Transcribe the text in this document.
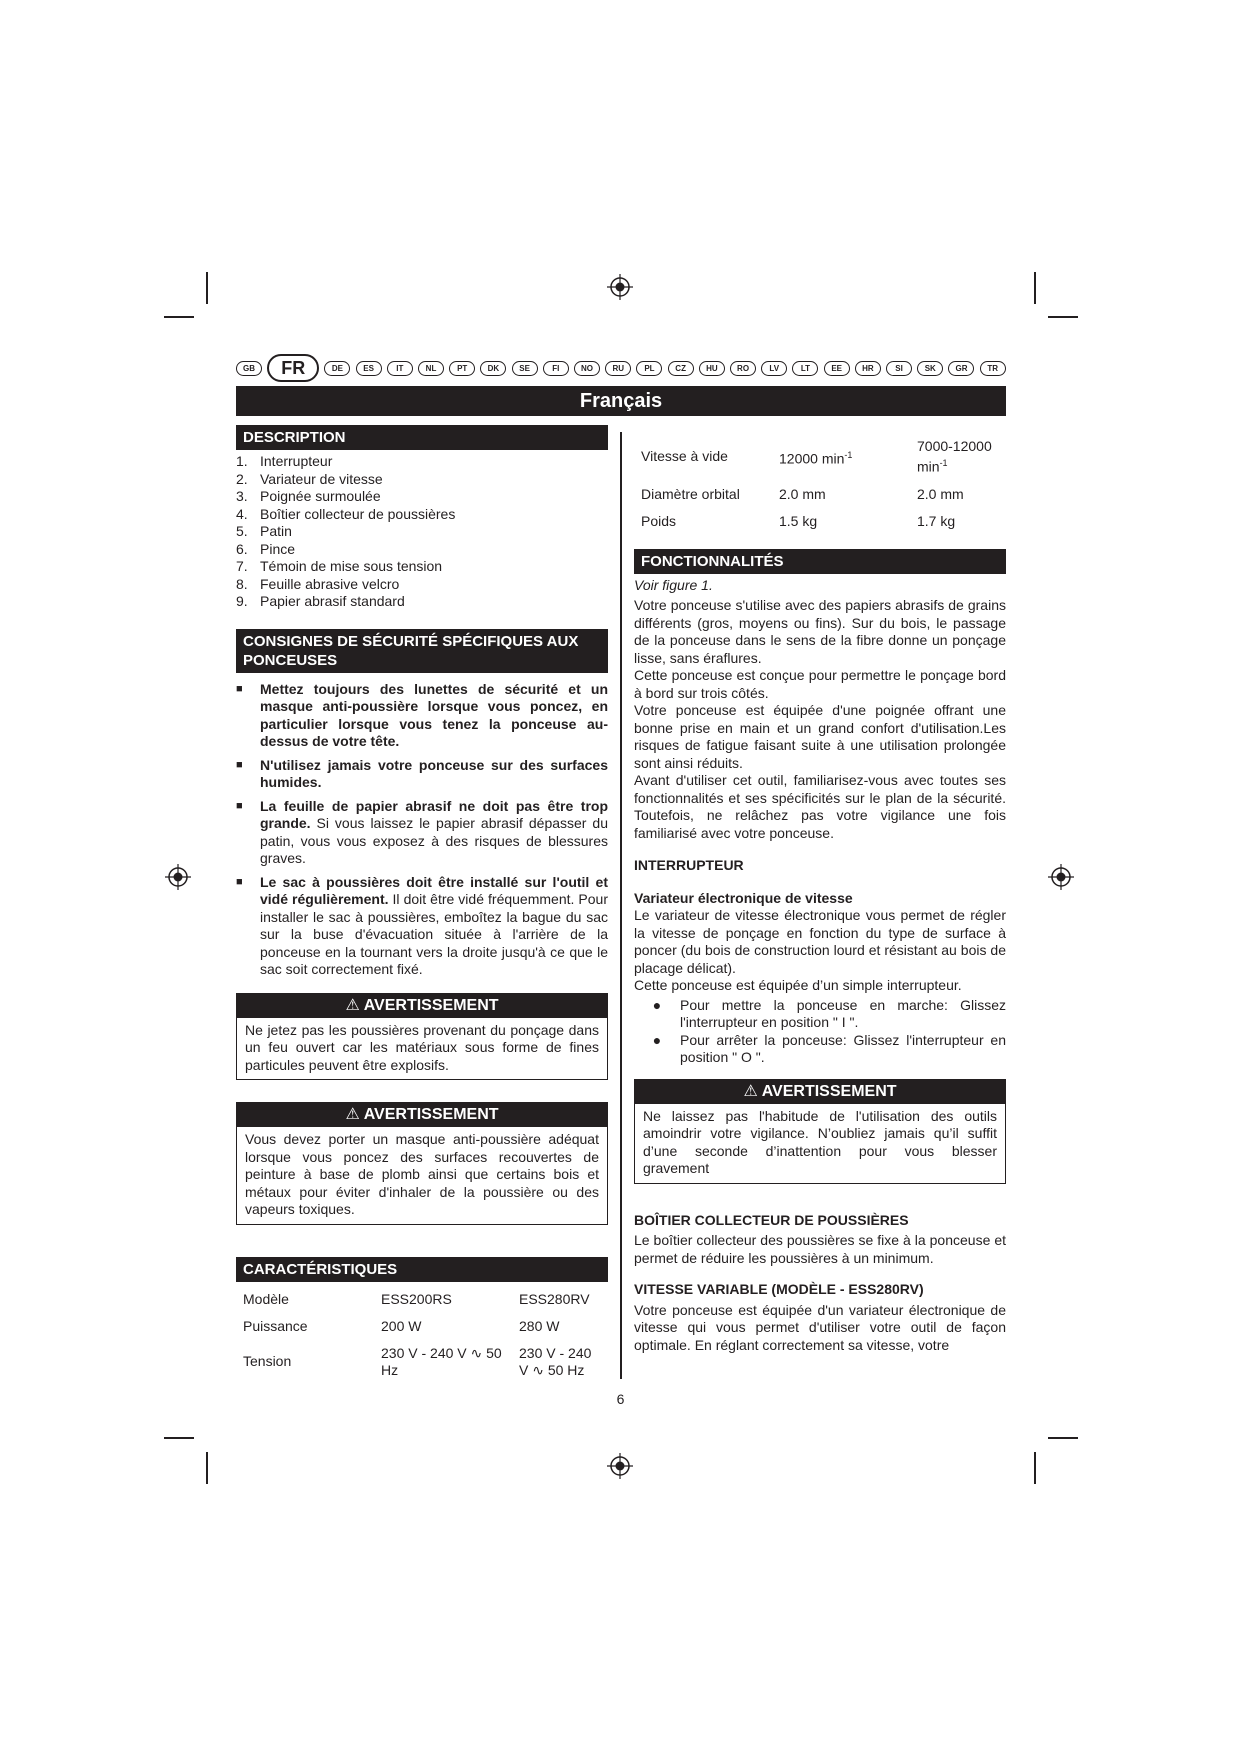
GB	FR	DE	ES	IT	NL	PT	DK	SE	FI	NO	RU	PL	CZ	HU	RO	LV	LT	EE	HR	SI	SK	GR	TR
Français
DESCRIPTION
1. Interrupteur
2. Variateur de vitesse
3. Poignée surmoulée
4. Boîtier collecteur de poussières
5. Patin
6. Pince
7. Témoin de mise sous tension
8. Feuille abrasive velcro
9. Papier abrasif standard
CONSIGNES DE SÉCURITÉ SPÉCIFIQUES AUX PONCEUSES
■	Mettez toujours des lunettes de sécurité et un masque anti-poussière lorsque vous poncez, en particulier lorsque vous tenez la ponceuse au-dessus de votre tête.
■	N'utilisez jamais votre ponceuse sur des surfaces humides.
■	La feuille de papier abrasif ne doit pas être trop grande. Si vous laissez le papier abrasif dépasser du patin, vous vous exposez à des risques de blessures graves.
■	Le sac à poussières doit être installé sur l'outil et vidé régulièrement. Il doit être vidé fréquemment. Pour installer le sac à poussières, emboîtez la bague du sac sur la buse d'évacuation située à l'arrière de la ponceuse en la tournant vers la droite jusqu'à ce que le sac soit correctement fixé.
⚠ AVERTISSEMENT
Ne jetez pas les poussières provenant du ponçage dans un feu ouvert car les matériaux sous forme de fines particules peuvent être explosifs.
⚠ AVERTISSEMENT
Vous devez porter un masque anti-poussière adéquat lorsque vous poncez des surfaces recouvertes de peinture à base de plomb ainsi que certains bois et métaux pour éviter d'inhaler de la poussière ou des vapeurs toxiques.
CARACTÉRISTIQUES
Modèle	ESS200RS	ESS280RV
Puissance	200 W	280 W
Tension	230 V - 240 V ∿ 50 Hz	230 V - 240 V ∿ 50 Hz
Vitesse à vide	12000 $\min^{-1}$	7000-12000 $\min^{-1}$
Diamètre orbital	2.0 mm	2.0 mm
Poids	1.5 kg	1.7 kg
FONCTIONNALITÉS

Voir figure 1.

Votre ponceuse s'utilise avec des papiers abrasifs de grains différents (gros, moyens ou fins). Sur du bois, le passage de la ponceuse dans le sens de la fibre donne un ponçage lisse, sans éraflures.

Cette ponceuse est conçue pour permettre le ponçage bord à bord sur trois côtés.

Votre ponceuse est équipée d'une poignée offrant une bonne prise en main et un grand confort d'utilisation.Les risques de fatigue faisant suite à une utilisation prolongée sont ainsi réduits.

Avant d'utiliser cet outil, familiarisez-vous avec toutes ses fonctionnalités et ses spécificités sur le plan de la sécurité. Toutefois, ne relâchez pas votre vigilance une fois familiarisé avec votre ponceuse.

INTERRUPTEUR
Variateur électronique de vitesse

Le variateur de vitesse électronique vous permet de régler la vitesse de ponçage en fonction du type de surface à poncer (du bois de construction lourd et résistant au bois de placage délicat).

Cette ponceuse est équipée d’un simple interrupteur.

●	Pour mettre la ponceuse en marche: Glissez l'interrupteur en position " I ".
●	Pour arrêter la ponceuse: Glissez l'interrupteur en position " O ".
⚠ AVERTISSEMENT
Ne laissez pas l'habitude de l'utilisation des outils amoindrir votre vigilance. N’oubliez jamais qu’il suffit d’une seconde d’inattention pour vous blesser gravement
BOÎTIER COLLECTEUR DE POUSSIÈRES

Le boîtier collecteur des poussières se fixe à la ponceuse et permet de réduire les poussières à un minimum.

VITESSE VARIABLE (MODÈLE - ESS280RV)

Votre ponceuse est équipée d'un variateur électronique de vitesse qui vous permet d'utiliser votre outil de façon optimale. En réglant correctement sa vitesse, votre

6
